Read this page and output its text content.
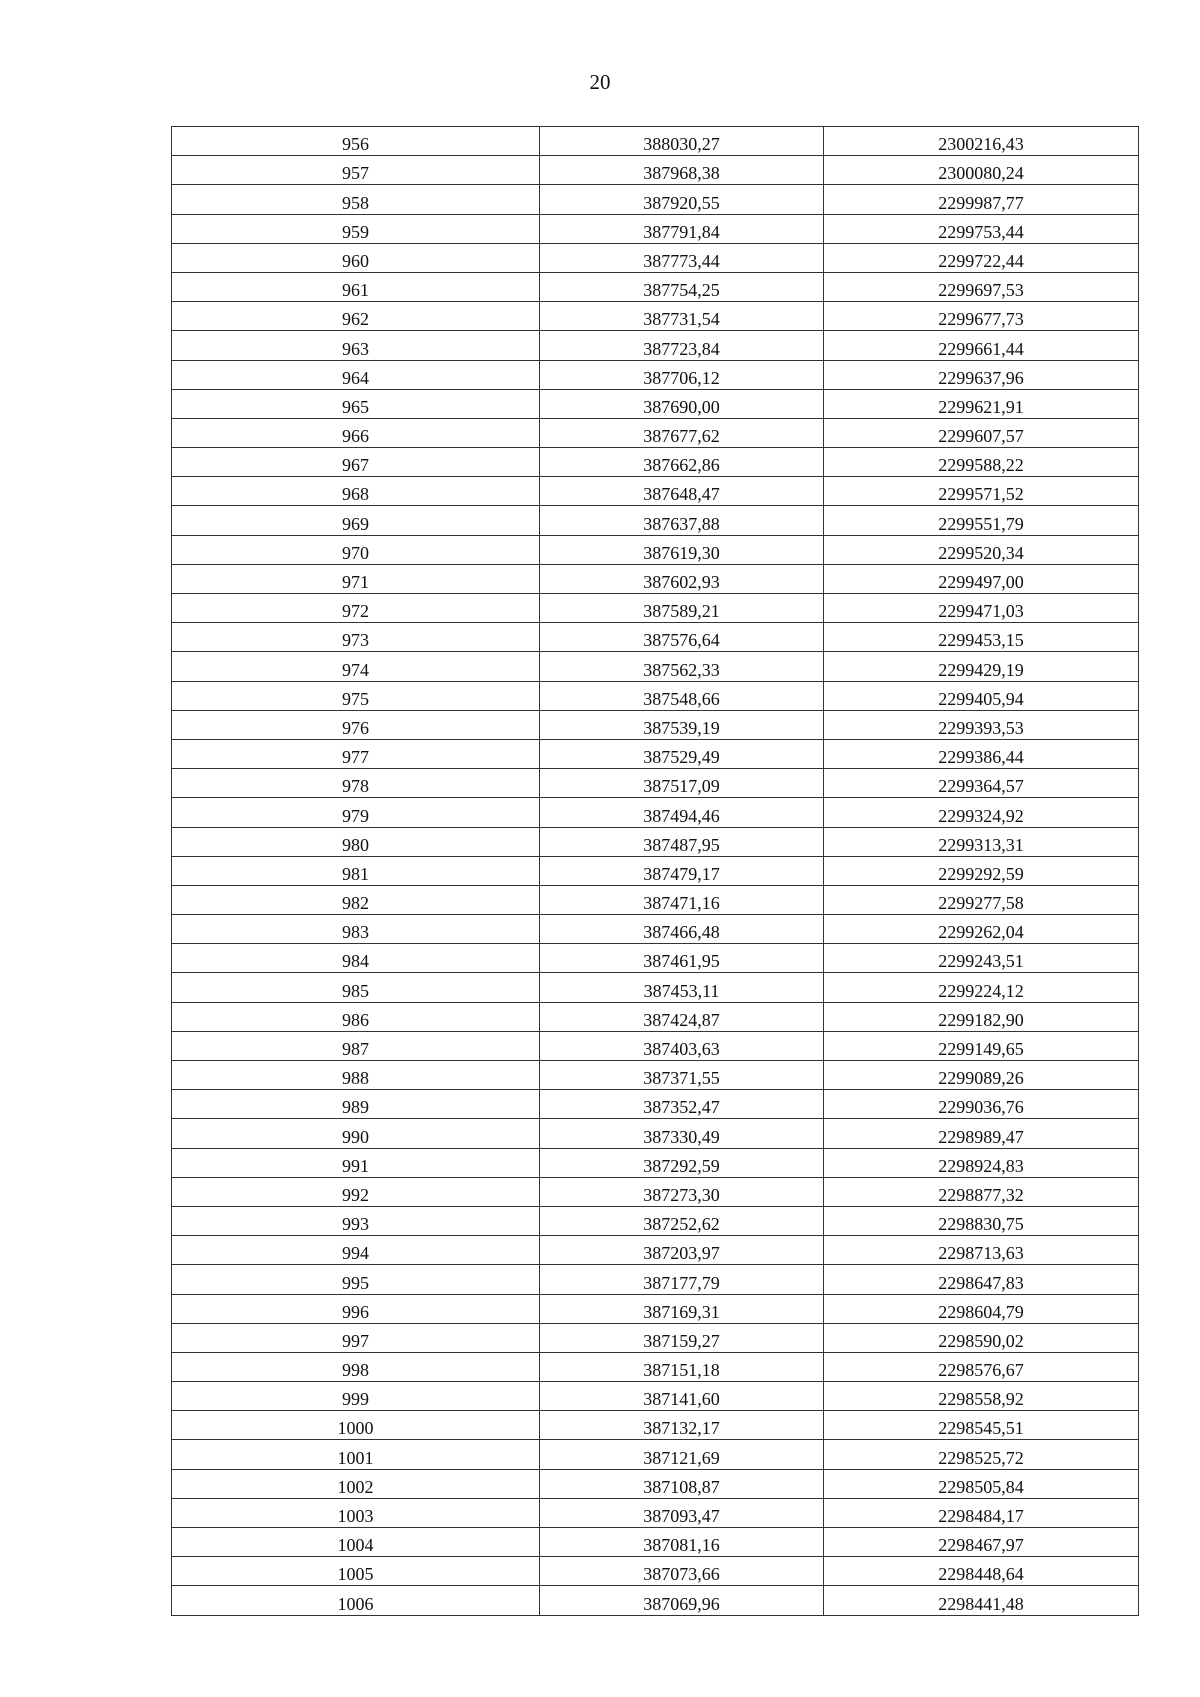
20
956	388030,27	2300216,43
957	387968,38	2300080,24
958	387920,55	2299987,77
959	387791,84	2299753,44
960	387773,44	2299722,44
961	387754,25	2299697,53
962	387731,54	2299677,73
963	387723,84	2299661,44
964	387706,12	2299637,96
965	387690,00	2299621,91
966	387677,62	2299607,57
967	387662,86	2299588,22
968	387648,47	2299571,52
969	387637,88	2299551,79
970	387619,30	2299520,34
971	387602,93	2299497,00
972	387589,21	2299471,03
973	387576,64	2299453,15
974	387562,33	2299429,19
975	387548,66	2299405,94
976	387539,19	2299393,53
977	387529,49	2299386,44
978	387517,09	2299364,57
979	387494,46	2299324,92
980	387487,95	2299313,31
981	387479,17	2299292,59
982	387471,16	2299277,58
983	387466,48	2299262,04
984	387461,95	2299243,51
985	387453,11	2299224,12
986	387424,87	2299182,90
987	387403,63	2299149,65
988	387371,55	2299089,26
989	387352,47	2299036,76
990	387330,49	2298989,47
991	387292,59	2298924,83
992	387273,30	2298877,32
993	387252,62	2298830,75
994	387203,97	2298713,63
995	387177,79	2298647,83
996	387169,31	2298604,79
997	387159,27	2298590,02
998	387151,18	2298576,67
999	387141,60	2298558,92
1000	387132,17	2298545,51
1001	387121,69	2298525,72
1002	387108,87	2298505,84
1003	387093,47	2298484,17
1004	387081,16	2298467,97
1005	387073,66	2298448,64
1006	387069,96	2298441,48
